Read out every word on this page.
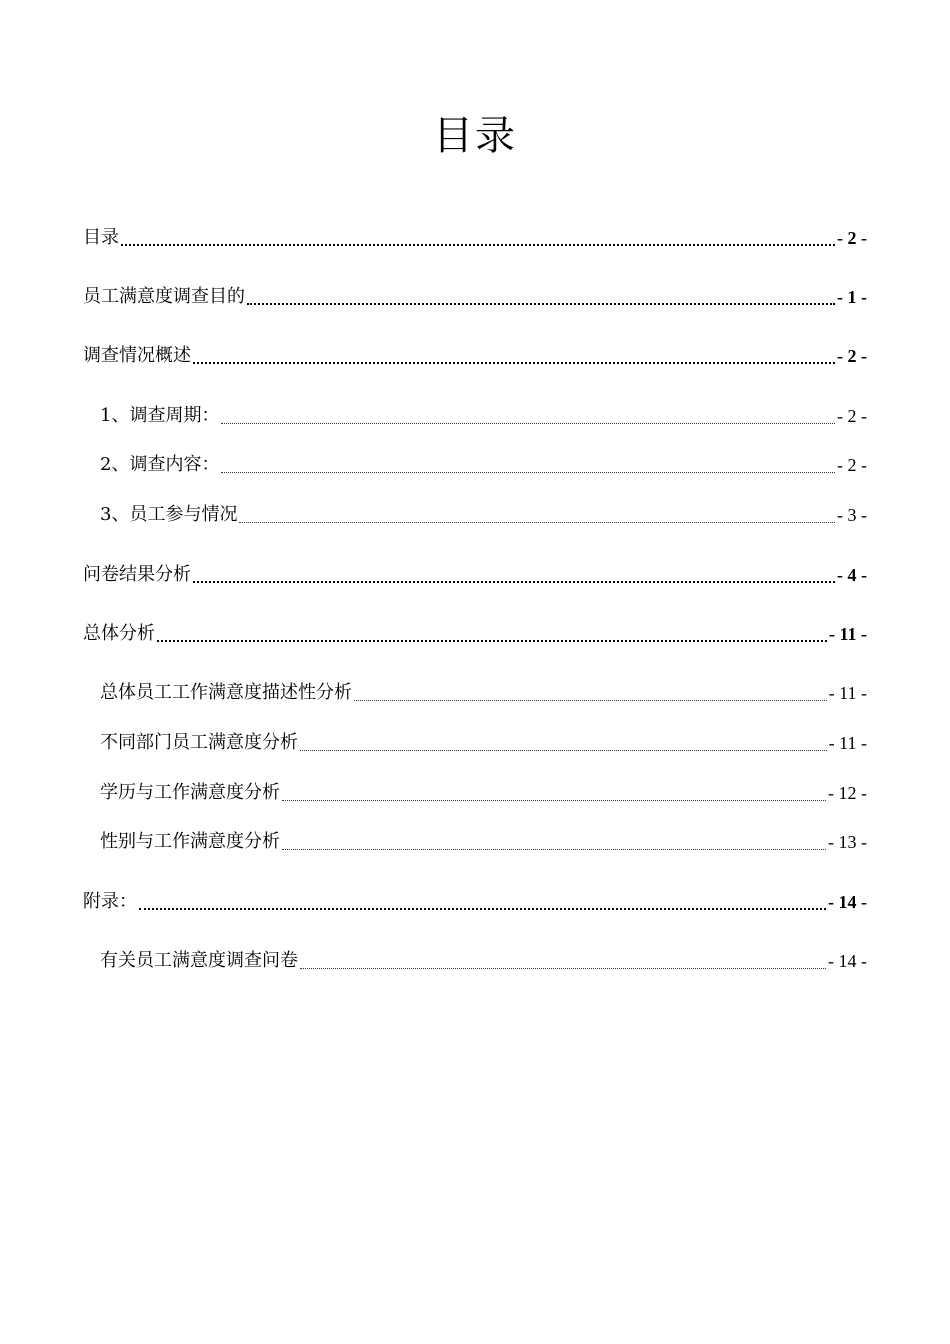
目录
目录	- 2 -
员工满意度调查目的	- 1 -
调查情况概述	- 2 -
1、调查周期：	- 2 -
2、调查内容：	- 2 -
3、员工参与情况	- 3 -
问卷结果分析	- 4 -
总体分析	- 11 -
总体员工工作满意度描述性分析	- 11 -
不同部门员工满意度分析	- 11 -
学历与工作满意度分析	- 12 -
性别与工作满意度分析	- 13 -
附录：	- 14 -
有关员工满意度调查问卷	- 14 -
